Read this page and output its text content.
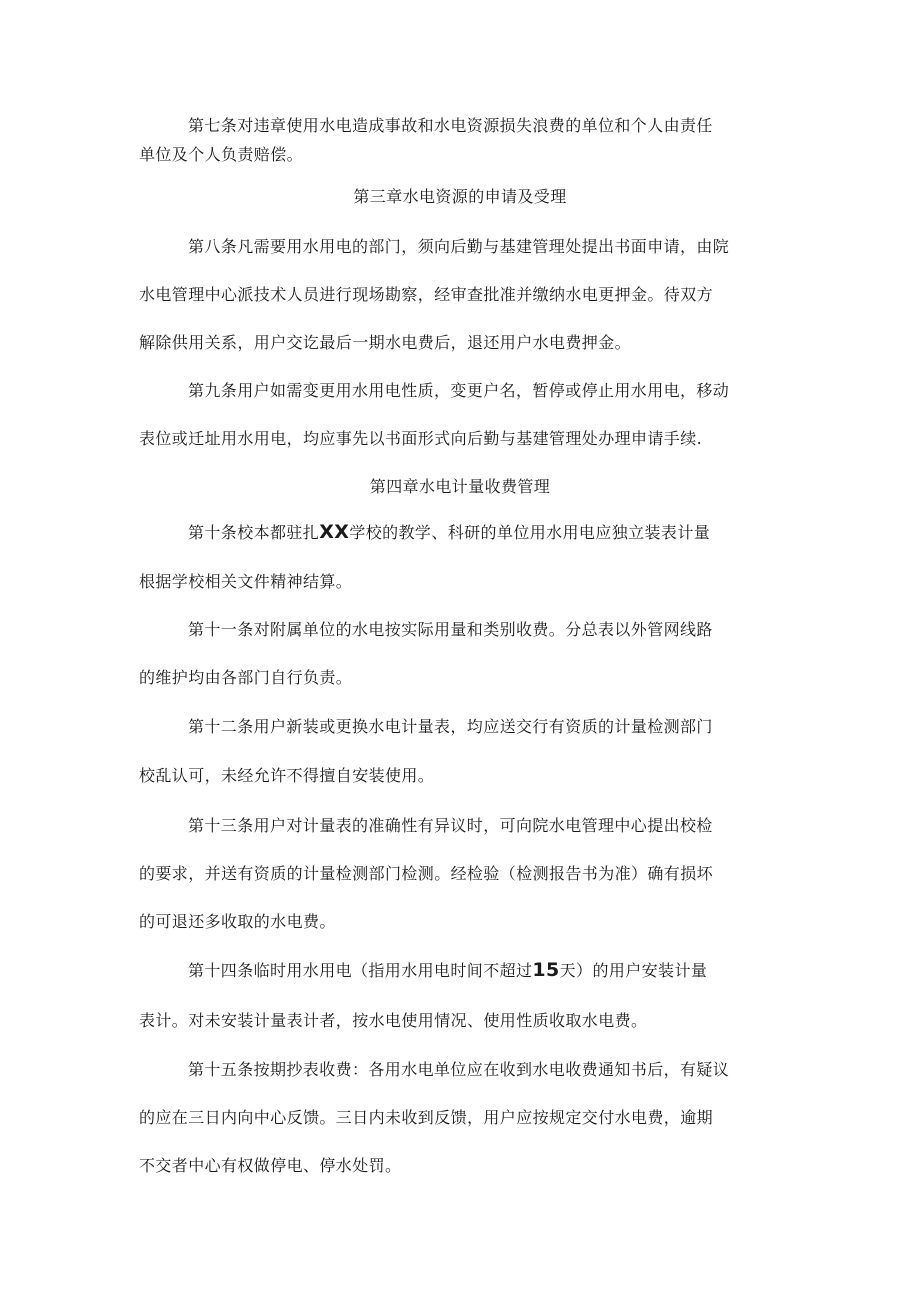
第七条对违章使用水电造成事故和水电资源损失浪费的单位和个人由责任
单位及个人负责赔偿。
第三章水电资源的申请及受理
第八条凡需要用水用电的部门，须向后勤与基建管理处提出书面申请，由院
水电管理中心派技术人员进行现场勘察，经审查批准并缴纳水电更押金。待双方
解除供用关系，用户交讫最后一期水电费后，退还用户水电费押金。
第九条用户如需变更用水用电性质，变更户名，暂停或停止用水用电，移动
表位或迁址用水用电，均应事先以书面形式向后勤与基建管理处办理申请手续.
第四章水电计量收费管理
第十条校本都驻扎XX学校的教学、科研的单位用水用电应独立装表计量
根据学校相关文件精神结算。
第十一条对附属单位的水电按实际用量和类别收费。分总表以外管网线路
的维护均由各部门自行负责。
第十二条用户新装或更换水电计量表，均应送交行有资质的计量检测部门
校乱认可，未经允许不得擅自安装使用。
第十三条用户对计量表的准确性有异议时，可向院水电管理中心提出校检
的要求，并送有资质的计量检测部门检测。经检验（检测报告书为准）确有损坏
的可退还多收取的水电费。
第十四条临时用水用电（指用水用电时间不超过15天）的用户安装计量
表计。对未安装计量表计者，按水电使用情况、使用性质收取水电费。
第十五条按期抄表收费：各用水电单位应在收到水电收费通知书后，有疑议
的应在三日内向中心反馈。三日内未收到反馈，用户应按规定交付水电费，逾期
不交者中心有权做停电、停水处罚。
